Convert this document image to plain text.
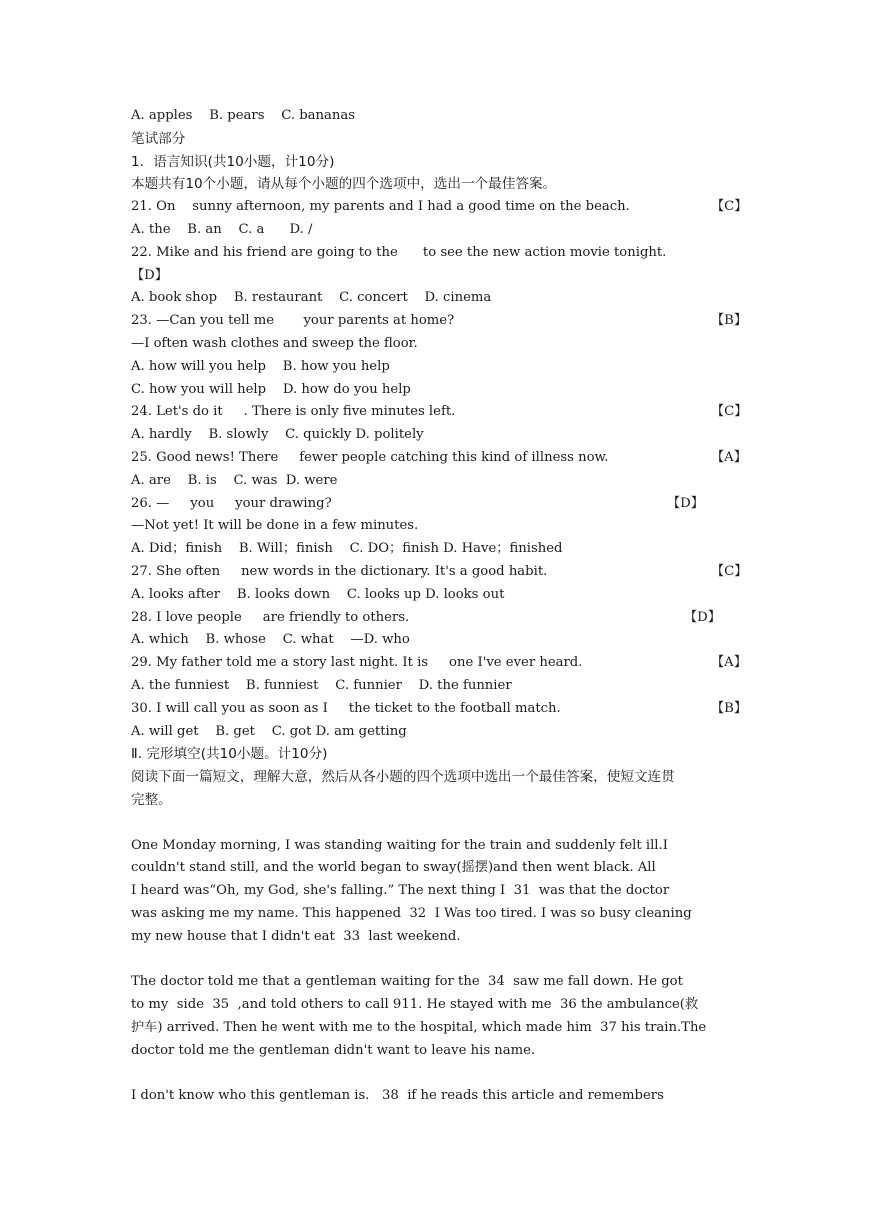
A. apples    B. pears    C. bananas
笔试部分
1．语言知识(共10小题，计10分)
本题共有10个小题，请从每个小题的四个选项中，选出一个最佳答案。
21. On    sunny afternoon, my parents and I had a good time on the beach.	【C】
A. the    B. an    C. a      D. /
22. Mike and his friend are going to the      to see the new action movie tonight.
【D】
A. book shop    B. restaurant    C. concert    D. cinema
23. —Can you tell me       your parents at home?	【B】
—I often wash clothes and sweep the floor.
A. how will you help    B. how you help
C. how you will help    D. how do you help
24. Let's do it     . There is only five minutes left.	【C】
A. hardly    B. slowly    C. quickly D. politely
25. Good news! There     fewer people catching this kind of illness now.	【A】
A. are    B. is    C. was  D. were
26. —     you     your drawing?	【D】
—Not yet! It will be done in a few minutes.
A. Did；finish    B. Will；finish    C. DO；finish D. Have；finished
27. She often     new words in the dictionary. It's a good habit.	【C】
A. looks after    B. looks down    C. looks up D. looks out
28. I love people     are friendly to others.	【D】
A. which    B. whose    C. what    —D. who
29. My father told me a story last night. It is     one I've ever heard.	【A】
A. the funniest    B. funniest    C. funnier    D. the funnier
30. I will call you as soon as I     the ticket to the football match.	【B】
A. will get    B. get    C. got D. am getting
Ⅱ. 完形填空(共10小题。计10分)
阅读下面一篇短文，理解大意，然后从各小题的四个选项中选出一个最佳答案，使短文连贯
完整。
One Monday morning, I was standing waiting for the train and suddenly felt ill.I
couldn't stand still, and the world began to sway(摇摆)and then went black. All
I heard was“Oh, my God, she's falling.” The next thing I  31  was that the doctor
was asking me my name. This happened  32  I Was too tired. I was so busy cleaning
my new house that I didn't eat  33  last weekend.
The doctor told me that a gentleman waiting for the  34  saw me fall down. He got
to my  side  35  ,and told others to call 911. He stayed with me  36 the ambulance(救
护车) arrived. Then he went with me to the hospital, which made him  37 his train.The
doctor told me the gentleman didn't want to leave his name.
I don't know who this gentleman is.   38  if he reads this article and remembers
